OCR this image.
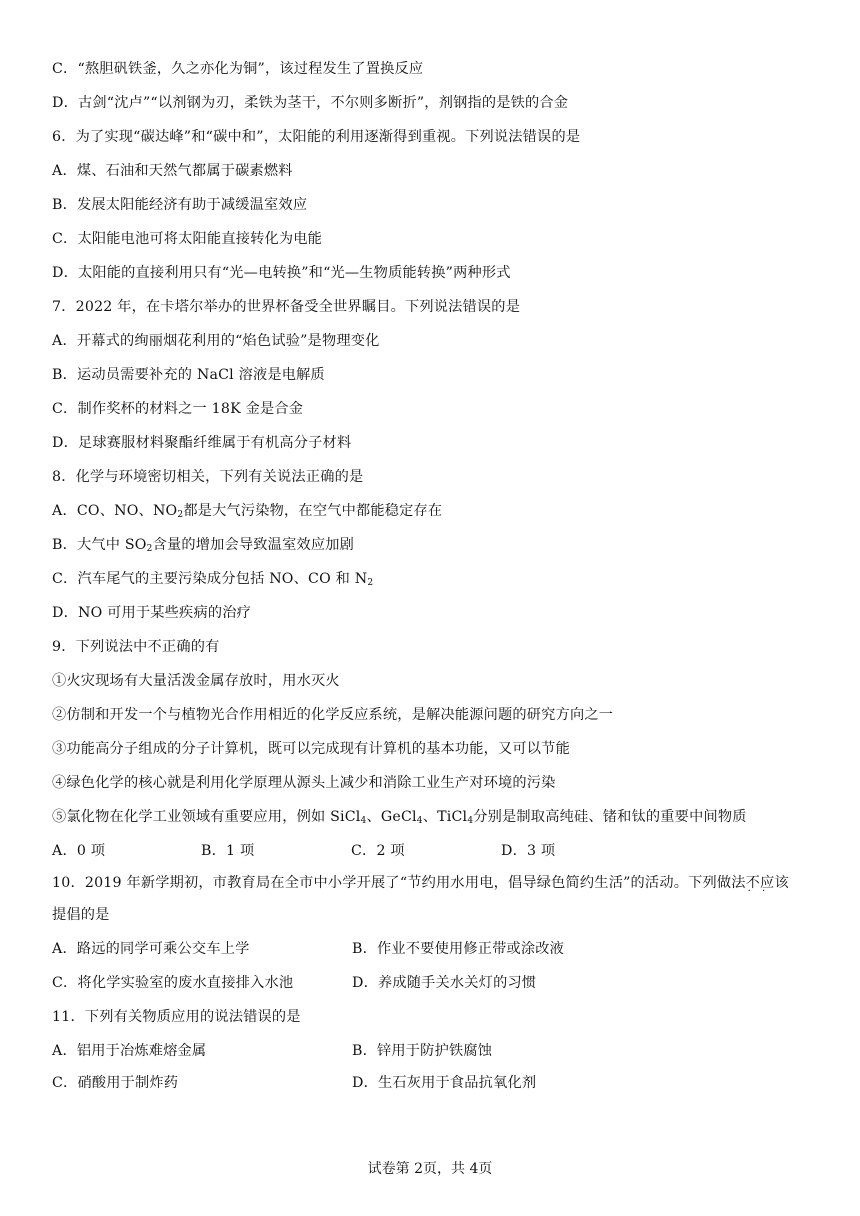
C．“熬胆矾铁釜，久之亦化为铜”，该过程发生了置换反应
D．古剑“沈卢”“以剂钢为刃，柔铁为茎干，不尔则多断折”，剂钢指的是铁的合金
6．为了实现“碳达峰”和“碳中和”，太阳能的利用逐渐得到重视。下列说法错误的是
A．煤、石油和天然气都属于碳素燃料
B．发展太阳能经济有助于减缓温室效应
C．太阳能电池可将太阳能直接转化为电能
D．太阳能的直接利用只有“光—电转换”和“光—生物质能转换”两种形式
7．2022 年，在卡塔尔举办的世界杯备受全世界瞩目。下列说法错误的是
A．开幕式的绚丽烟花利用的“焰色试验”是物理变化
B．运动员需要补充的 NaCl 溶液是电解质
C．制作奖杯的材料之一 18K 金是合金
D．足球赛服材料聚酯纤维属于有机高分子材料
8．化学与环境密切相关，下列有关说法正确的是
A．CO、NO、$NO_2$都是大气污染物，在空气中都能稳定存在
B．大气中 $SO_2$含量的增加会导致温室效应加剧
C．汽车尾气的主要污染成分包括 NO、CO 和 $N_2$
D．NO 可用于某些疾病的治疗
9．下列说法中不正确的有
①火灾现场有大量活泼金属存放时，用水灭火
②仿制和开发一个与植物光合作用相近的化学反应系统，是解决能源问题的研究方向之一
③功能高分子组成的分子计算机，既可以完成现有计算机的基本功能，又可以节能
④绿色化学的核心就是利用化学原理从源头上减少和消除工业生产对环境的污染
⑤氯化物在化学工业领域有重要应用，例如 SiCl$_4$、GeCl$_4$、TiCl$_4$分别是制取高纯硅、锗和钛的重要中间物质
A．0 项	B．1 项	C．2 项	D．3 项
10．2019 年新学期初，市教育局在全市中小学开展了“节约用水用电，倡导绿色简约生活”的活动。下列做法不应 · ·该
提倡的是
A．路远的同学可乘公交车上学	B．作业不要使用修正带或涂改液
C．将化学实验室的废水直接排入水池	D．养成随手关水关灯的习惯
11．下列有关物质应用的说法错误的是
A．铝用于冶炼难熔金属	B．锌用于防护铁腐蚀
C．硝酸用于制炸药	D．生石灰用于食品抗氧化剂
试卷第 2页，共 4页
